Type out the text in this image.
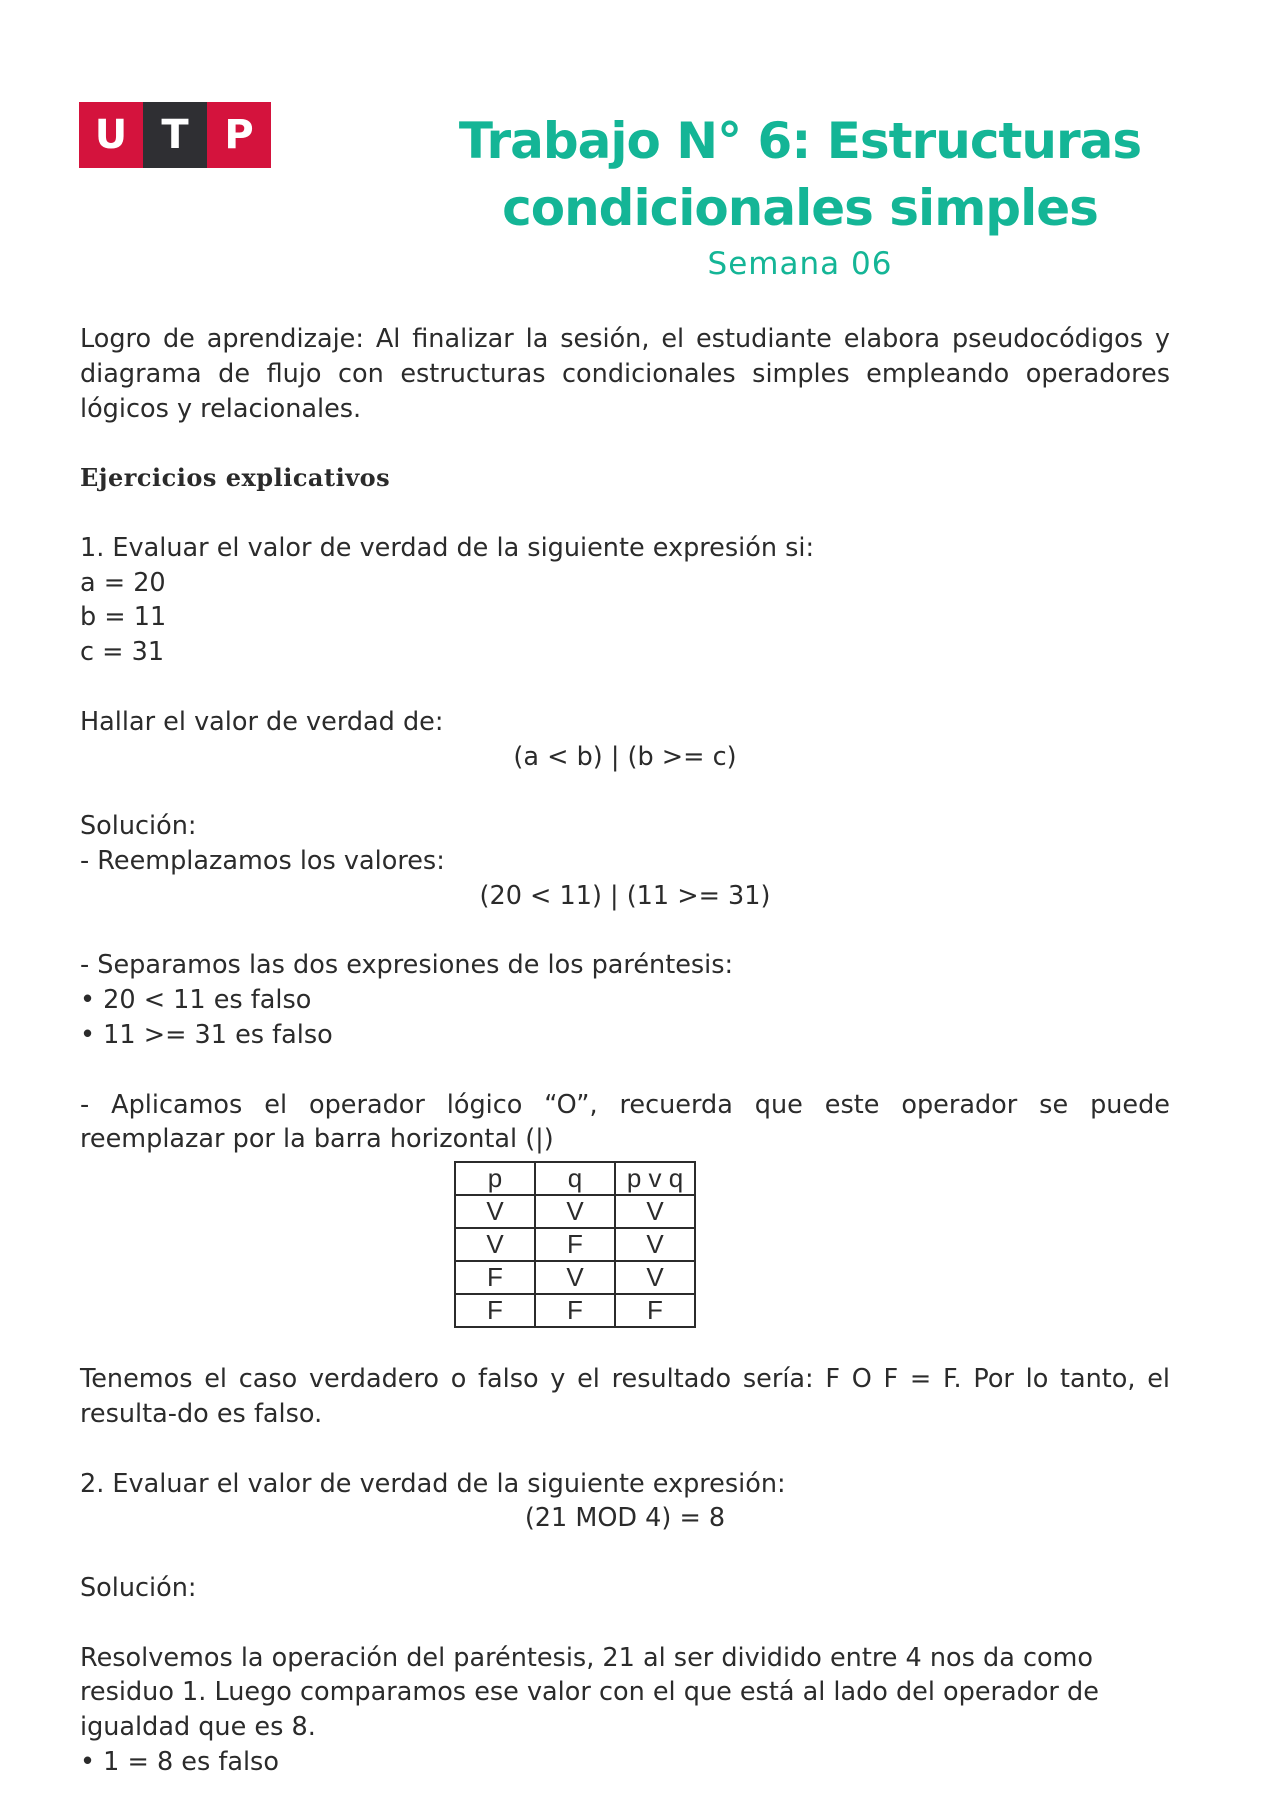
U T P	Trabajo N° 6: Estructuras
condicionales simples
Semana 06

Logro de aprendizaje: Al finalizar la sesión, el estudiante elabora pseudocódigos y diagrama de flujo con estructuras condicionales simples empleando operadores lógicos y relacionales.

Ejercicios explicativos

1. Evaluar el valor de verdad de la siguiente expresión si:

a = 20

b = 11

c = 31

Hallar el valor de verdad de:

(a < b) | (b >= c)

Solución:

- Reemplazamos los valores:

(20 < 11) | (11 >= 31)

- Separamos las dos expresiones de los paréntesis:

• 20 < 11 es falso

• 11 >= 31 es falso

- Aplicamos el operador lógico “O”, recuerda que este operador se puede reemplazar por la barra horizontal (|)

p	q	p v q
V	V	V
V	F	V
F	V	V
F	F	F

Tenemos el caso verdadero o falso y el resultado sería: F O F = F. Por lo tanto, el resulta-do es falso.

2. Evaluar el valor de verdad de la siguiente expresión:

(21 MOD 4) = 8

Solución:

Resolvemos la operación del paréntesis, 21 al ser dividido entre 4 nos da como residuo 1. Luego comparamos ese valor con el que está al lado del operador de igualdad que es 8.

• 1 = 8 es falso
